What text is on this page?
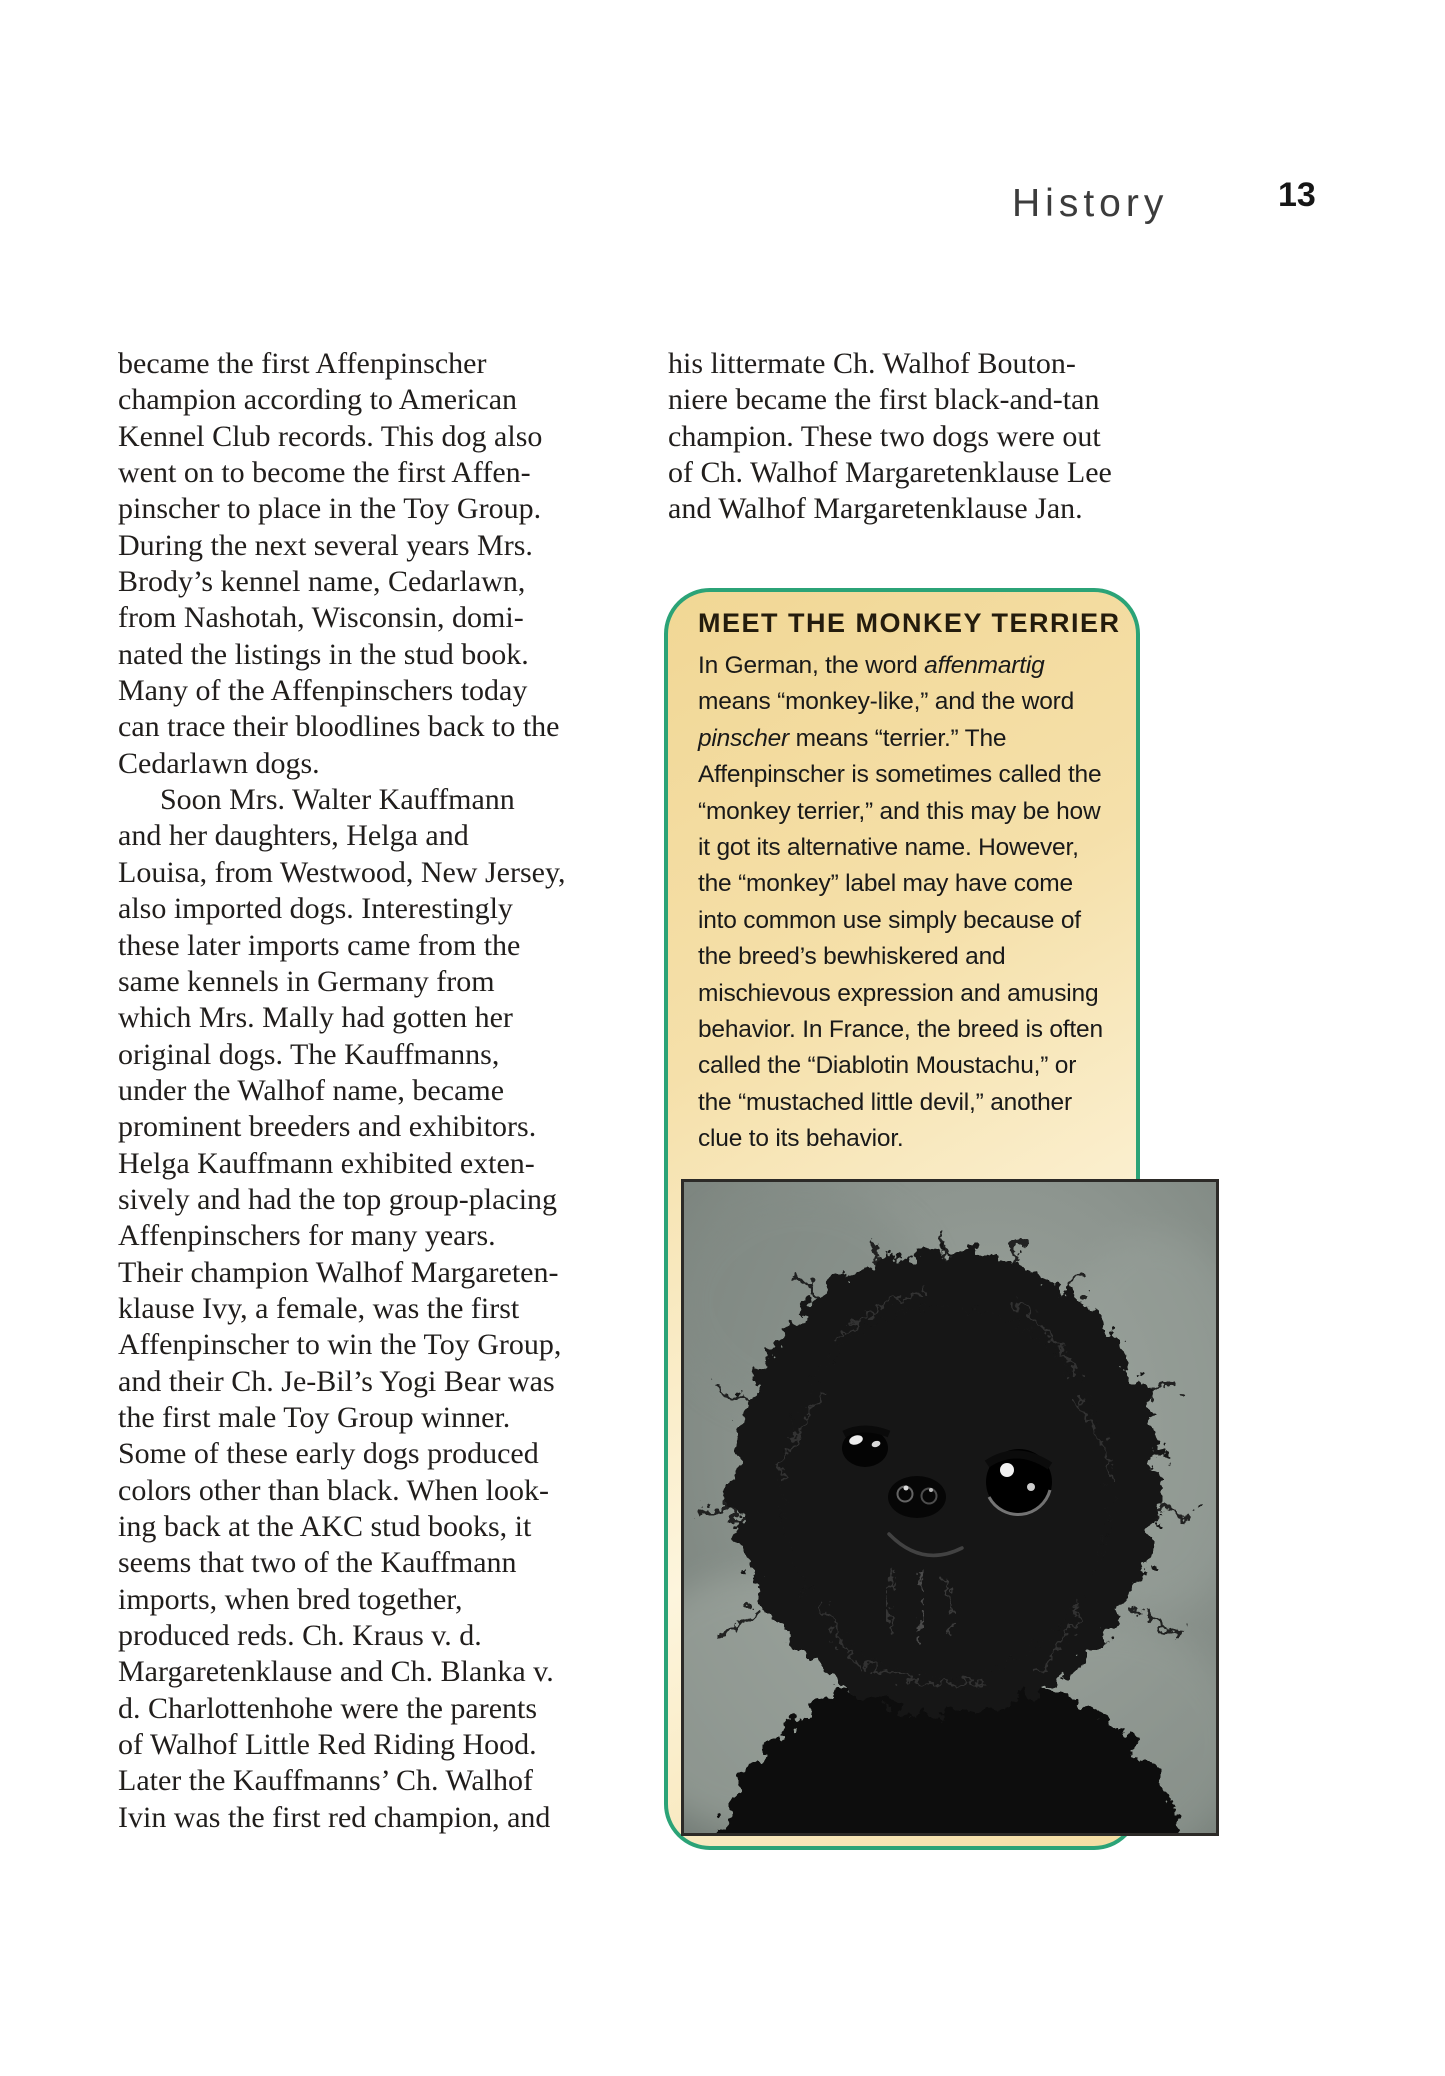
History	13
became the first Affenpinscher
champion according to American
Kennel Club records. This dog also
went on to become the first Affen-
pinscher to place in the Toy Group.
During the next several years Mrs.
Brody’s kennel name, Cedarlawn,
from Nashotah, Wisconsin, domi-
nated the listings in the stud book.
Many of the Affenpinschers today
can trace their bloodlines back to the
Cedarlawn dogs.
Soon Mrs. Walter Kauffmann
and her daughters, Helga and
Louisa, from Westwood, New Jersey,
also imported dogs. Interestingly
these later imports came from the
same kennels in Germany from
which Mrs. Mally had gotten her
original dogs. The Kauffmanns,
under the Walhof name, became
prominent breeders and exhibitors.
Helga Kauffmann exhibited exten-
sively and had the top group-placing
Affenpinschers for many years.
Their champion Walhof Margareten-
klause Ivy, a female, was the first
Affenpinscher to win the Toy Group,
and their Ch. Je-Bil’s Yogi Bear was
the first male Toy Group winner.
Some of these early dogs produced
colors other than black. When look-
ing back at the AKC stud books, it
seems that two of the Kauffmann
imports, when bred together,
produced reds. Ch. Kraus v. d.
Margaretenklause and Ch. Blanka v.
d. Charlottenhohe were the parents
of Walhof Little Red Riding Hood.
Later the Kauffmanns’ Ch. Walhof
Ivin was the first red champion, and
his littermate Ch. Walhof Bouton-
niere became the first black-and-tan
champion. These two dogs were out
of Ch. Walhof Margaretenklause Lee
and Walhof Margaretenklause Jan.
MEET THE MONKEY TERRIER
In German, the word affenmartig
means “monkey-like,” and the word
pinscher means “terrier.” The
Affenpinscher is sometimes called the
“monkey terrier,” and this may be how
it got its alternative name. However,
the “monkey” label may have come
into common use simply because of
the breed’s bewhiskered and
mischievous expression and amusing
behavior. In France, the breed is often
called the “Diablotin Moustachu,” or
the “mustached little devil,” another
clue to its behavior.
